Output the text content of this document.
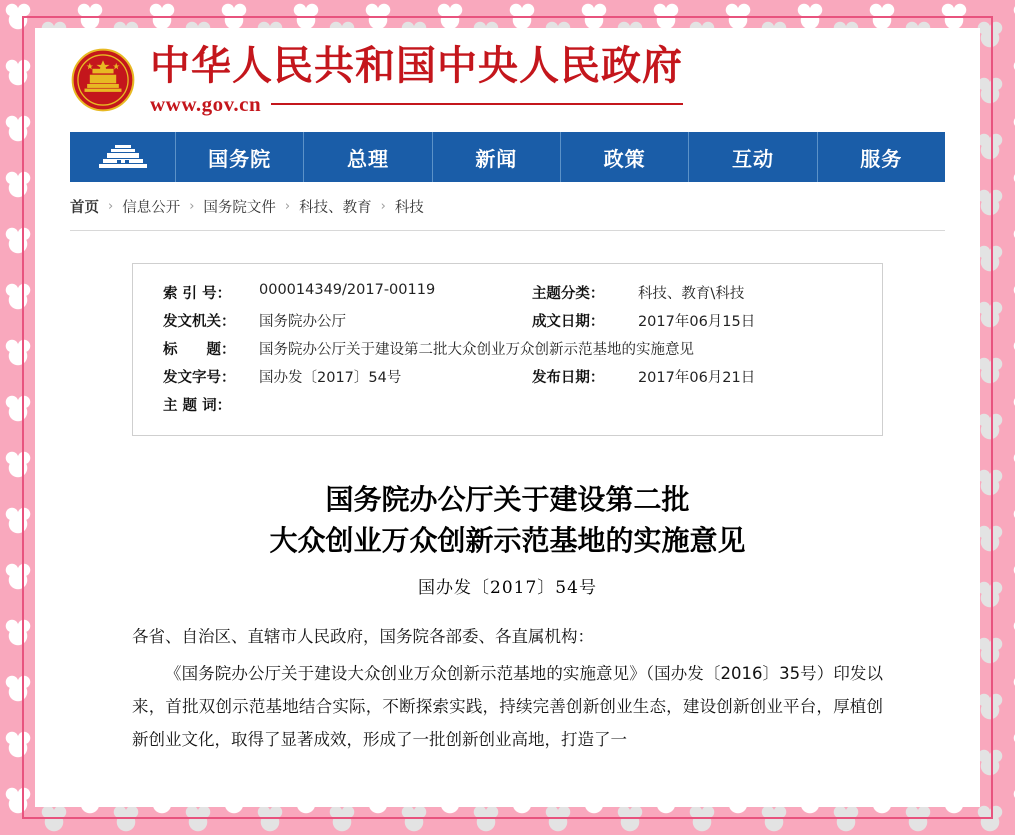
中华人民共和国中央人民政府
www.gov.cn
国务院	总理	新闻	政策	互动	服务
首页 › 信息公开 › 国务院文件 › 科技、教育 › 科技
索 引 号：	000014349/2017-00119	主题分类：	科技、教育\科技
发文机关：	国务院办公厅	成文日期：	2017年06月15日
标　　题：	国务院办公厅关于建设第二批大众创业万众创新示范基地的实施意见
发文字号：	国办发〔2017〕54号	发布日期：	2017年06月21日
主 题 词：
国务院办公厅关于建设第二批
大众创业万众创新示范基地的实施意见
国办发〔2017〕54号
各省、自治区、直辖市人民政府，国务院各部委、各直属机构：
《国务院办公厅关于建设大众创业万众创新示范基地的实施意见》（国办发〔2016〕35号）印发以来，首批双创示范基地结合实际，不断探索实践，持续完善创新创业生态，建设创新创业平台，厚植创新创业文化，取得了显著成效，形成了一批创新创业高地，打造了一
